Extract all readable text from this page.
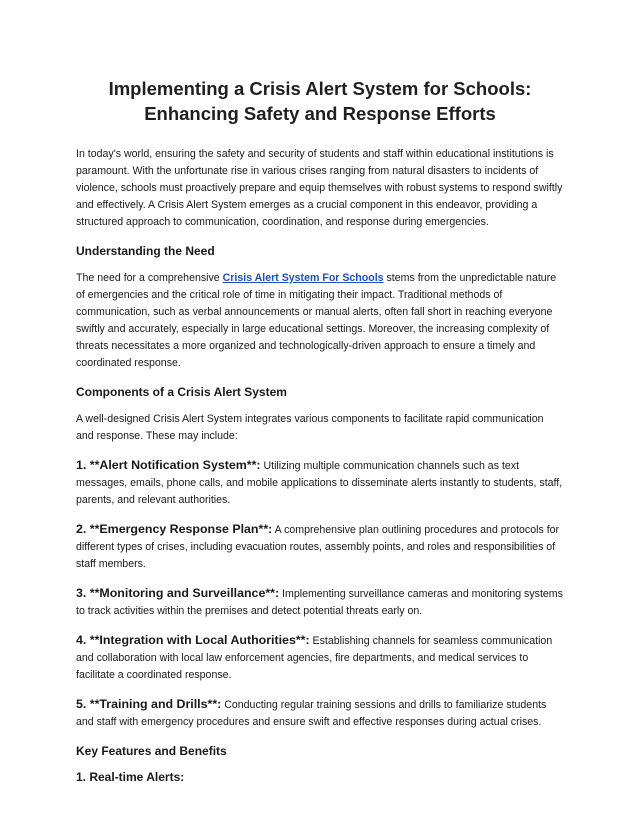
Implementing a Crisis Alert System for Schools: Enhancing Safety and Response Efforts

In today's world, ensuring the safety and security of students and staff within educational institutions is paramount. With the unfortunate rise in various crises ranging from natural disasters to incidents of violence, schools must proactively prepare and equip themselves with robust systems to respond swiftly and effectively. A Crisis Alert System emerges as a crucial component in this endeavor, providing a structured approach to communication, coordination, and response during emergencies.

Understanding the Need

The need for a comprehensive Crisis Alert System For Schools stems from the unpredictable nature of emergencies and the critical role of time in mitigating their impact. Traditional methods of communication, such as verbal announcements or manual alerts, often fall short in reaching everyone swiftly and accurately, especially in large educational settings. Moreover, the increasing complexity of threats necessitates a more organized and technologically-driven approach to ensure a timely and coordinated response.

Components of a Crisis Alert System

A well-designed Crisis Alert System integrates various components to facilitate rapid communication and response. These may include:

1. **Alert Notification System**: Utilizing multiple communication channels such as text messages, emails, phone calls, and mobile applications to disseminate alerts instantly to students, staff, parents, and relevant authorities.

2. **Emergency Response Plan**: A comprehensive plan outlining procedures and protocols for different types of crises, including evacuation routes, assembly points, and roles and responsibilities of staff members.

3. **Monitoring and Surveillance**: Implementing surveillance cameras and monitoring systems to track activities within the premises and detect potential threats early on.

4. **Integration with Local Authorities**: Establishing channels for seamless communication and collaboration with local law enforcement agencies, fire departments, and medical services to facilitate a coordinated response.

5. **Training and Drills**: Conducting regular training sessions and drills to familiarize students and staff with emergency procedures and ensure swift and effective responses during actual crises.

Key Features and Benefits
1. Real-time Alerts:
